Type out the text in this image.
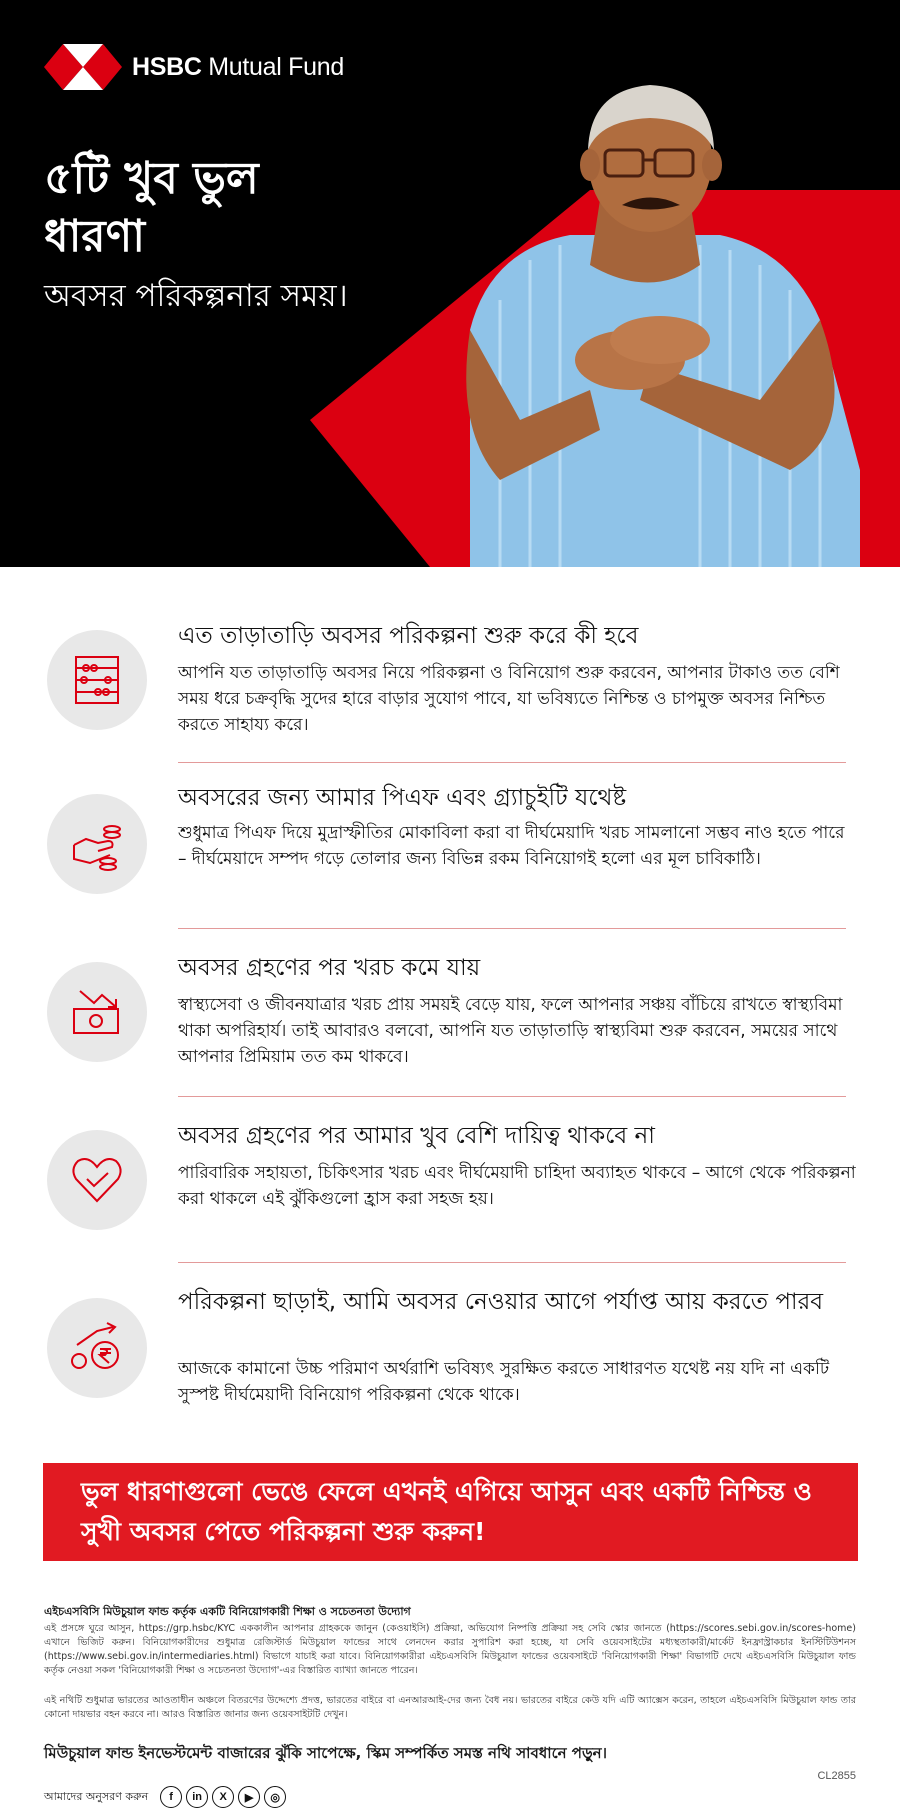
HSBC Mutual Fund
৫টি খুব ভুল ধারণা
অবসর পরিকল্পনার সময়।
এত তাড়াতাড়ি অবসর পরিকল্পনা শুরু করে কী হবে
আপনি যত তাড়াতাড়ি অবসর নিয়ে পরিকল্পনা ও বিনিয়োগ শুরু করবেন, আপনার টাকাও তত বেশি সময় ধরে চক্রবৃদ্ধি সুদের হারে বাড়ার সুযোগ পাবে, যা ভবিষ্যতে নিশ্চিন্ত ও চাপমুক্ত অবসর নিশ্চিত করতে সাহায্য করে।
অবসরের জন্য আমার পিএফ এবং গ্র্যাচুইটি যথেষ্ট
শুধুমাত্র পিএফ দিয়ে মুদ্রাস্ফীতির মোকাবিলা করা বা দীর্ঘমেয়াদি খরচ সামলানো সম্ভব নাও হতে পারে – দীর্ঘমেয়াদে সম্পদ গড়ে তোলার জন্য বিভিন্ন রকম বিনিয়োগই হলো এর মূল চাবিকাঠি।
অবসর গ্রহণের পর খরচ কমে যায়
স্বাস্থ্যসেবা ও জীবনযাত্রার খরচ প্রায় সময়ই বেড়ে যায়, ফলে আপনার সঞ্চয় বাঁচিয়ে রাখতে স্বাস্থ্যবিমা থাকা অপরিহার্য। তাই আবারও বলবো, আপনি যত তাড়াতাড়ি স্বাস্থ্যবিমা শুরু করবেন, সময়ের সাথে আপনার প্রিমিয়াম তত কম থাকবে।
অবসর গ্রহণের পর আমার খুব বেশি দায়িত্ব থাকবে না
পারিবারিক সহায়তা, চিকিৎসার খরচ এবং দীর্ঘমেয়াদী চাহিদা অব্যাহত থাকবে – আগে থেকে পরিকল্পনা করা থাকলে এই ঝুঁকিগুলো হ্রাস করা সহজ হয়।
পরিকল্পনা ছাড়াই, আমি অবসর নেওয়ার আগে পর্যাপ্ত আয় করতে পারব
আজকে কামানো উচ্চ পরিমাণ অর্থরাশি ভবিষ্যৎ সুরক্ষিত করতে সাধারণত যথেষ্ট নয় যদি না একটি সুস্পষ্ট দীর্ঘমেয়াদী বিনিয়োগ পরিকল্পনা থেকে থাকে।
ভুল ধারণাগুলো ভেঙে ফেলে এখনই এগিয়ে আসুন এবং একটি নিশ্চিন্ত ও সুখী অবসর পেতে পরিকল্পনা শুরু করুন!
এইচএসবিসি মিউচুয়াল ফান্ড কর্তৃক একটি বিনিয়োগকারী শিক্ষা ও সচেতনতা উদ্যোগ
এই প্রসঙ্গে ঘুরে আসুন, https://grp.hsbc/KYC এককালীন আপনার গ্রাহককে জানুন (কেওয়াইসি) প্রক্রিয়া, অভিযোগ নিষ্পত্তি প্রক্রিয়া সহ সেবি স্কোর জানতে (https://scores.sebi.gov.in/scores-home) এখানে ভিজিট করুন। বিনিয়োগকারীদের শুধুমাত্র রেজিস্টার্ড মিউচুয়াল ফান্ডের সাথে লেনদেন করার সুপারিশ করা হচ্ছে, যা সেবি ওয়েবসাইটের মধ্যস্থতাকারী/মার্কেট ইনফ্রাস্ট্রাকচার ইনস্টিটিউশনস (https://www.sebi.gov.in/intermediaries.html) বিভাগে যাচাই করা যাবে। বিনিয়োগকারীরা এইচএসবিসি মিউচুয়াল ফান্ডের ওয়েবসাইটে 'বিনিয়োগকারী শিক্ষা' বিভাগটি দেখে এইচএসবিসি মিউচুয়াল ফান্ড কর্তৃক নেওয়া সকল 'বিনিয়োগকারী শিক্ষা ও সচেতনতা উদ্যোগ'-এর বিস্তারিত ব্যাখ্যা জানতে পারেন।
এই নথিটি শুধুমাত্র ভারতের আওতাধীন অঞ্চলে বিতরণের উদ্দেশ্যে প্রদত্ত, ভারতের বাইরে বা এনআরআই-দের জন্য বৈধ নয়। ভারতের বাইরে কেউ যদি এটি অ্যাক্সেস করেন, তাহলে এইচএসবিসি মিউচুয়াল ফান্ড তার কোনো দায়ভার বহন করবে না। আরও বিস্তারিত জানার জন্য ওয়েবসাইটটি দেখুন।
মিউচুয়াল ফান্ড ইনভেস্টমেন্ট বাজারের ঝুঁকি সাপেক্ষে, স্কিম সম্পর্কিত সমস্ত নথি সাবধানে পড়ুন।
CL2855
আমাদের অনুসরণ করুন	f	in	X	▶	◎
